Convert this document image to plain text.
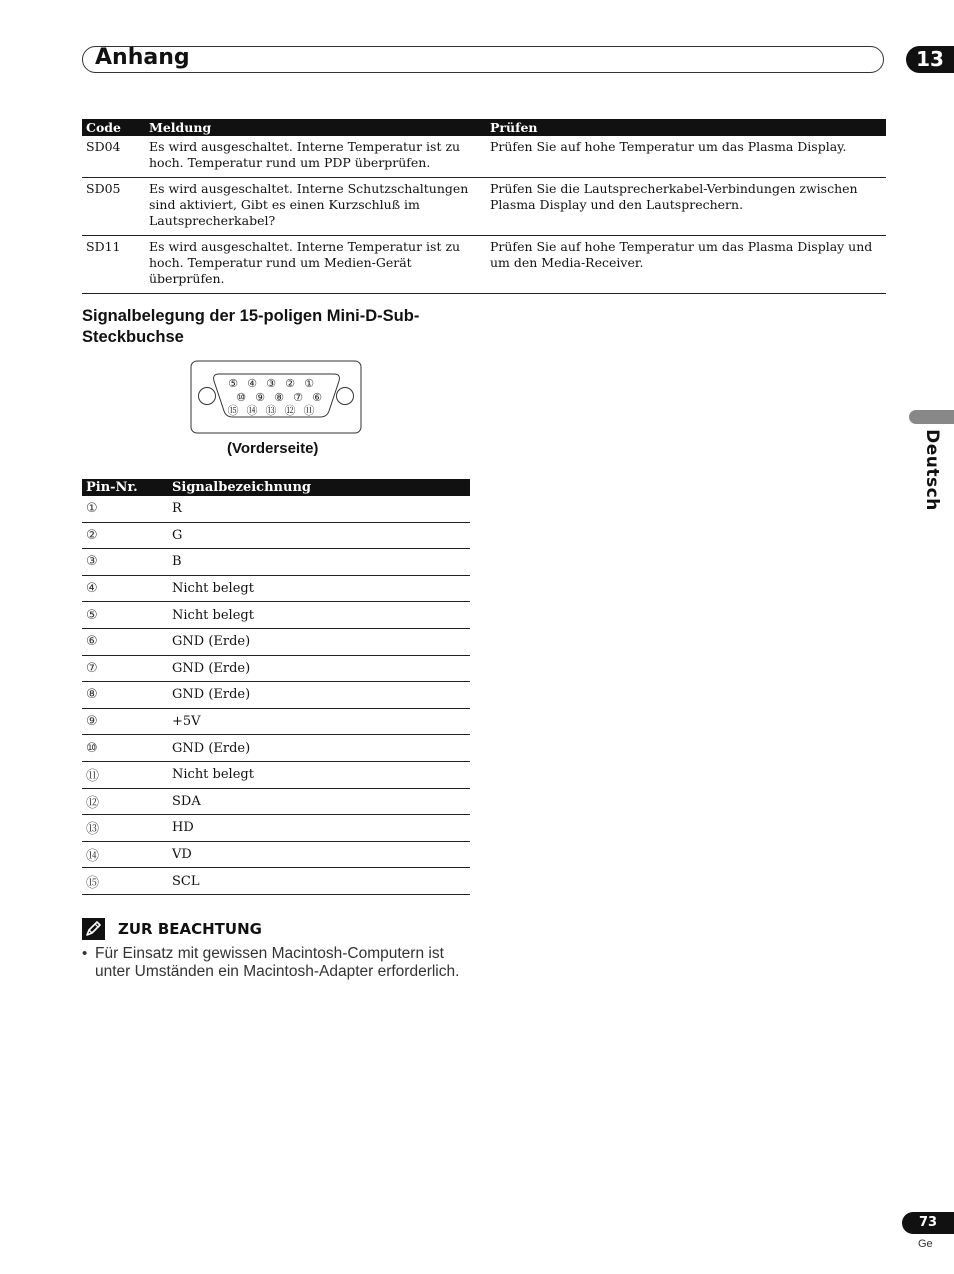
Anhang	13
Deutsch
Code	Meldung	Prüfen
SD04	Es wird ausgeschaltet. Interne Temperatur ist zu hoch. Temperatur rund um PDP überprüfen.	Prüfen Sie auf hohe Temperatur um das Plasma Display.
SD05	Es wird ausgeschaltet. Interne Schutzschaltungen sind aktiviert, Gibt es einen Kurzschluß im Lautsprecherkabel?	Prüfen Sie die Lautsprecherkabel-Verbindungen zwischen Plasma Display und den Lautsprechern.
SD11	Es wird ausgeschaltet. Interne Temperatur ist zu hoch. Temperatur rund um Medien-Gerät überprüfen.	Prüfen Sie auf hohe Temperatur um das Plasma Display und um den Media-Receiver.
Signalbelegung der 15-poligen Mini-D-Sub-Steckbuchse
⑤ ④ ③ ② ①
⑩ ⑨ ⑧ ⑦ ⑥
⑮ ⑭ ⑬ ⑫ ⑪
(Vorderseite)
Pin-Nr.	Signalbezeichnung
①	R
②	G
③	B
④	Nicht belegt
⑤	Nicht belegt
⑥	GND (Erde)
⑦	GND (Erde)
⑧	GND (Erde)
⑨	+5V
⑩	GND (Erde)
⑪	Nicht belegt
⑫	SDA
⑬	HD
⑭	VD
⑮	SCL
ZUR BEACHTUNG
• Für Einsatz mit gewissen Macintosh-Computern ist unter Umständen ein Macintosh-Adapter erforderlich.
73
Ge
